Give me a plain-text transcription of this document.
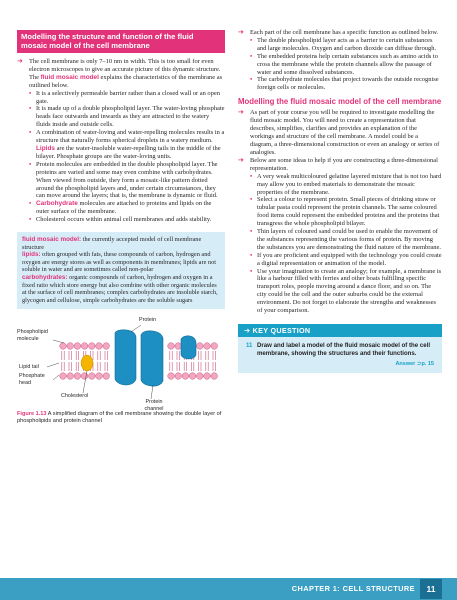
Modelling the structure and function of the fluid mosaic model of the cell membrane
➔ The cell membrane is only 7–10 nm in width. This is too small for even electron microscopes to give an accurate picture of this dynamic structure. The fluid mosaic model explains the characteristics of the membrane as outlined below.
• It is a selectively permeable barrier rather than a closed wall or an open gate.
• It is made up of a double phospholipid layer. The water-loving phosphate heads face outwards and inwards as they are attracted to the watery fluids inside and outside cells.
• A combination of water-loving and water-repelling molecules results in a structure that naturally forms spherical droplets in a watery medium. Lipids are the water-insoluble water-repelling tails in the middle of the bilayer. Phosphate groups are the water-loving units.
• Protein molecules are embedded in the double phospholipid layer. The proteins are varied and some may even combine with carbohydrates. When viewed from outside, they form a mosaic-like pattern dotted around the phospholipid layers and, under certain circumstances, they can move around the layers; that is, the membrane is dynamic or fluid.
• Carbohydrate molecules are attached to proteins and lipids on the outer surface of the membrane.
• Cholesterol occurs within animal cell membranes and adds stability.

fluid mosaic model: the currently accepted model of cell membrane structure

lipids: often grouped with fats, these compounds of carbon, hydrogen and oxygen are energy stores as well as components in membranes; lipids are not soluble in water and are sometimes called non-polar

carbohydrates: organic compounds of carbon, hydrogen and oxygen in a fixed ratio which store energy but also combine with other organic molecules at the surface of cell membranes; complex carbohydrates are insoluble starch, glycogen and cellulose, simple carbohydrates are the soluble sugars

Phospholipid molecule
Protein
Lipid tail
Phosphate head
Cholesterol
Protein channel
Figure 1.13 A simplified diagram of the cell membrane showing the double layer of phospholipids and protein channel
➔ Each part of the cell membrane has a specific function as outlined below.
• The double phospholipid layer acts as a barrier to certain substances and large molecules. Oxygen and carbon dioxide can diffuse through.
• The embedded proteins help certain substances such as amino acids to cross the membrane while the protein channels allow the passage of water and some dissolved substances.
• The carbohydrate molecules that project towards the outside recognise foreign cells or molecules.
Modelling the fluid mosaic model of the cell membrane
➔ As part of your course you will be required to investigate modelling the fluid mosaic model. You will need to create a representation that describes, simplifies, clarifies and provides an explanation of the workings and structure of the cell membrane. A model could be a diagram, a three-dimensional construction or even an analogy or series of analogies.
➔ Below are some ideas to help if you are constructing a three-dimensional representation.
• A very weak multicoloured gelatine layered mixture that is not too hard may allow you to embed materials to demonstrate the mosaic properties of the membrane.
• Select a colour to represent protein. Small pieces of drinking straw or tubular pasta could represent the protein channels. The same coloured food items could represent the embedded proteins and the proteins that transgress the whole phospholipid bilayer.
• Thin layers of coloured sand could be used to enable the movement of the substances representing the various forms of protein. By moving the substances you are demonstrating the fluid nature of the membrane.
• If you are proficient and equipped with the technology you could create a digital representation or animation of the model.
• Use your imagination to create an analogy; for example, a membrane is like a harbour filled with ferries and other boats fulfilling specific transport roles, people moving around a dance floor, and so on. The city could be the cell and the outer suburbs could be the external environment. Do not forget to elaborate the strengths and weaknesses of your comparison.
➔ KEY QUESTION
11 Draw and label a model of the fluid mosaic model of the cell membrane, showing the structures and their functions.
Answer ⊃p. 15
CHAPTER 1: CELL STRUCTURE	11
